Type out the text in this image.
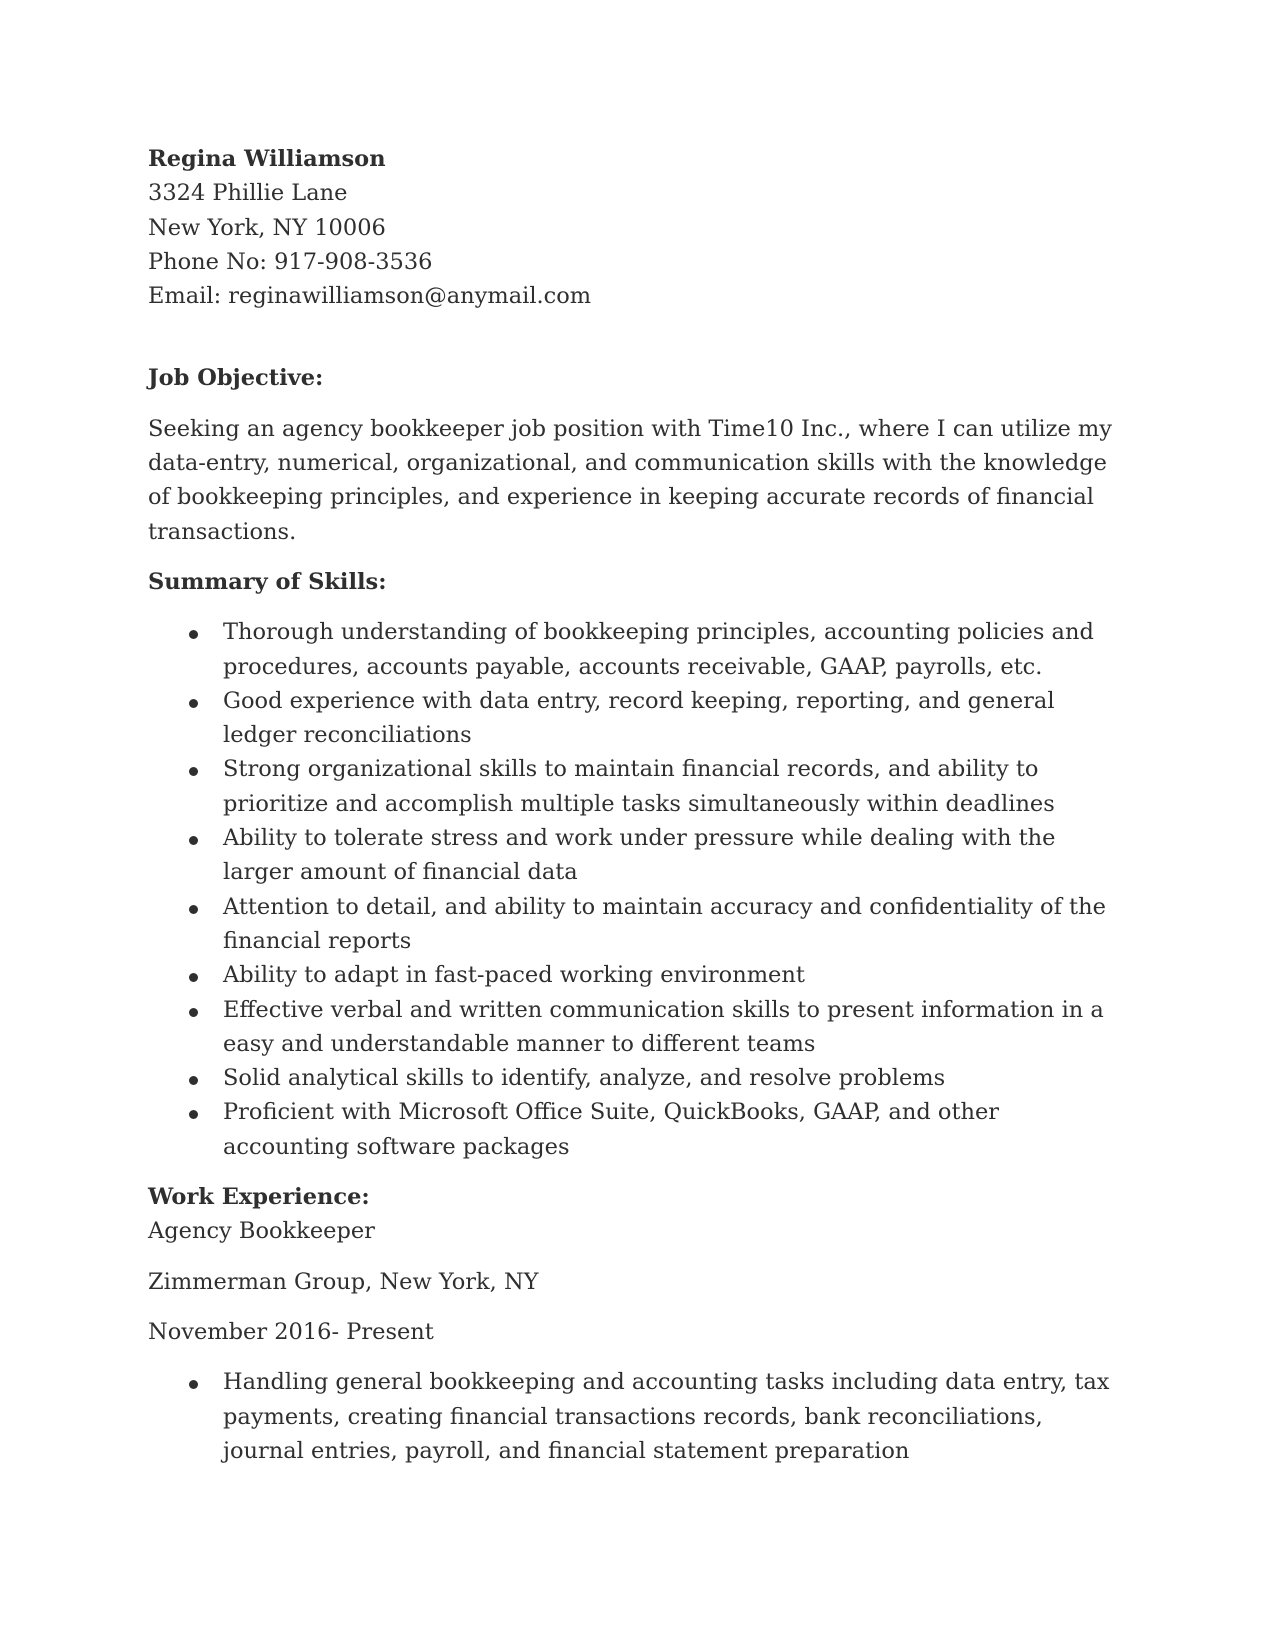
Regina Williamson

3324 Phillie Lane

New York, NY 10006

Phone No: 917-908-3536

Email: reginawilliamson@anymail.com

Job Objective:

Seeking an agency bookkeeper job position with Time10 Inc., where I can utilize my data-entry, numerical, organizational, and communication skills with the knowledge of bookkeeping principles, and experience in keeping accurate records of financial transactions.

Summary of Skills:

Thorough understanding of bookkeeping principles, accounting policies and procedures, accounts payable, accounts receivable, GAAP, payrolls, etc.
Good experience with data entry, record keeping, reporting, and general ledger reconciliations
Strong organizational skills to maintain financial records, and ability to prioritize and accomplish multiple tasks simultaneously within deadlines
Ability to tolerate stress and work under pressure while dealing with the larger amount of financial data
Attention to detail, and ability to maintain accuracy and confidentiality of the financial reports
Ability to adapt in fast-paced working environment
Effective verbal and written communication skills to present information in a easy and understandable manner to different teams
Solid analytical skills to identify, analyze, and resolve problems
Proficient with Microsoft Office Suite, QuickBooks, GAAP, and other accounting software packages

Work Experience:

Agency Bookkeeper

Zimmerman Group, New York, NY

November 2016- Present

Handling general bookkeeping and accounting tasks including data entry, tax payments, creating financial transactions records, bank reconciliations, journal entries, payroll, and financial statement preparation
